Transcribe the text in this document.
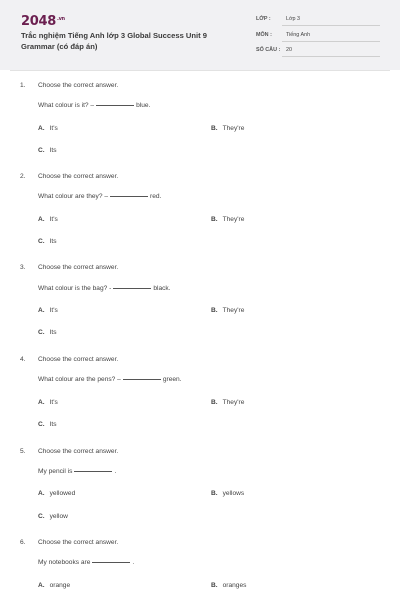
$2048^{.vn}$
Trắc nghiệm Tiếng Anh lớp 3 Global Success Unit 9 Grammar (có đáp án)
LỚP :	Lớp 3
MÔN :	Tiếng Anh
SỐ CÂU : 20
1. Choose the correct answer.
What colour is it? –	blue.
A. It's	B. They're
C. Its
2. Choose the correct answer.
What colour are they? –	red.
A. It's	B. They're
C. Its
3. Choose the correct answer.
What colour is the bag? -	black.
A. It's	B. They're
C. Its
4. Choose the correct answer.
What colour are the pens? –	green.
A. It's	B. They're
C. Its
5. Choose the correct answer.
My pencil is	.
A. yellowed	B. yellows
C. yellow
6. Choose the correct answer.
My notebooks are	.
A. orange	B. oranges
